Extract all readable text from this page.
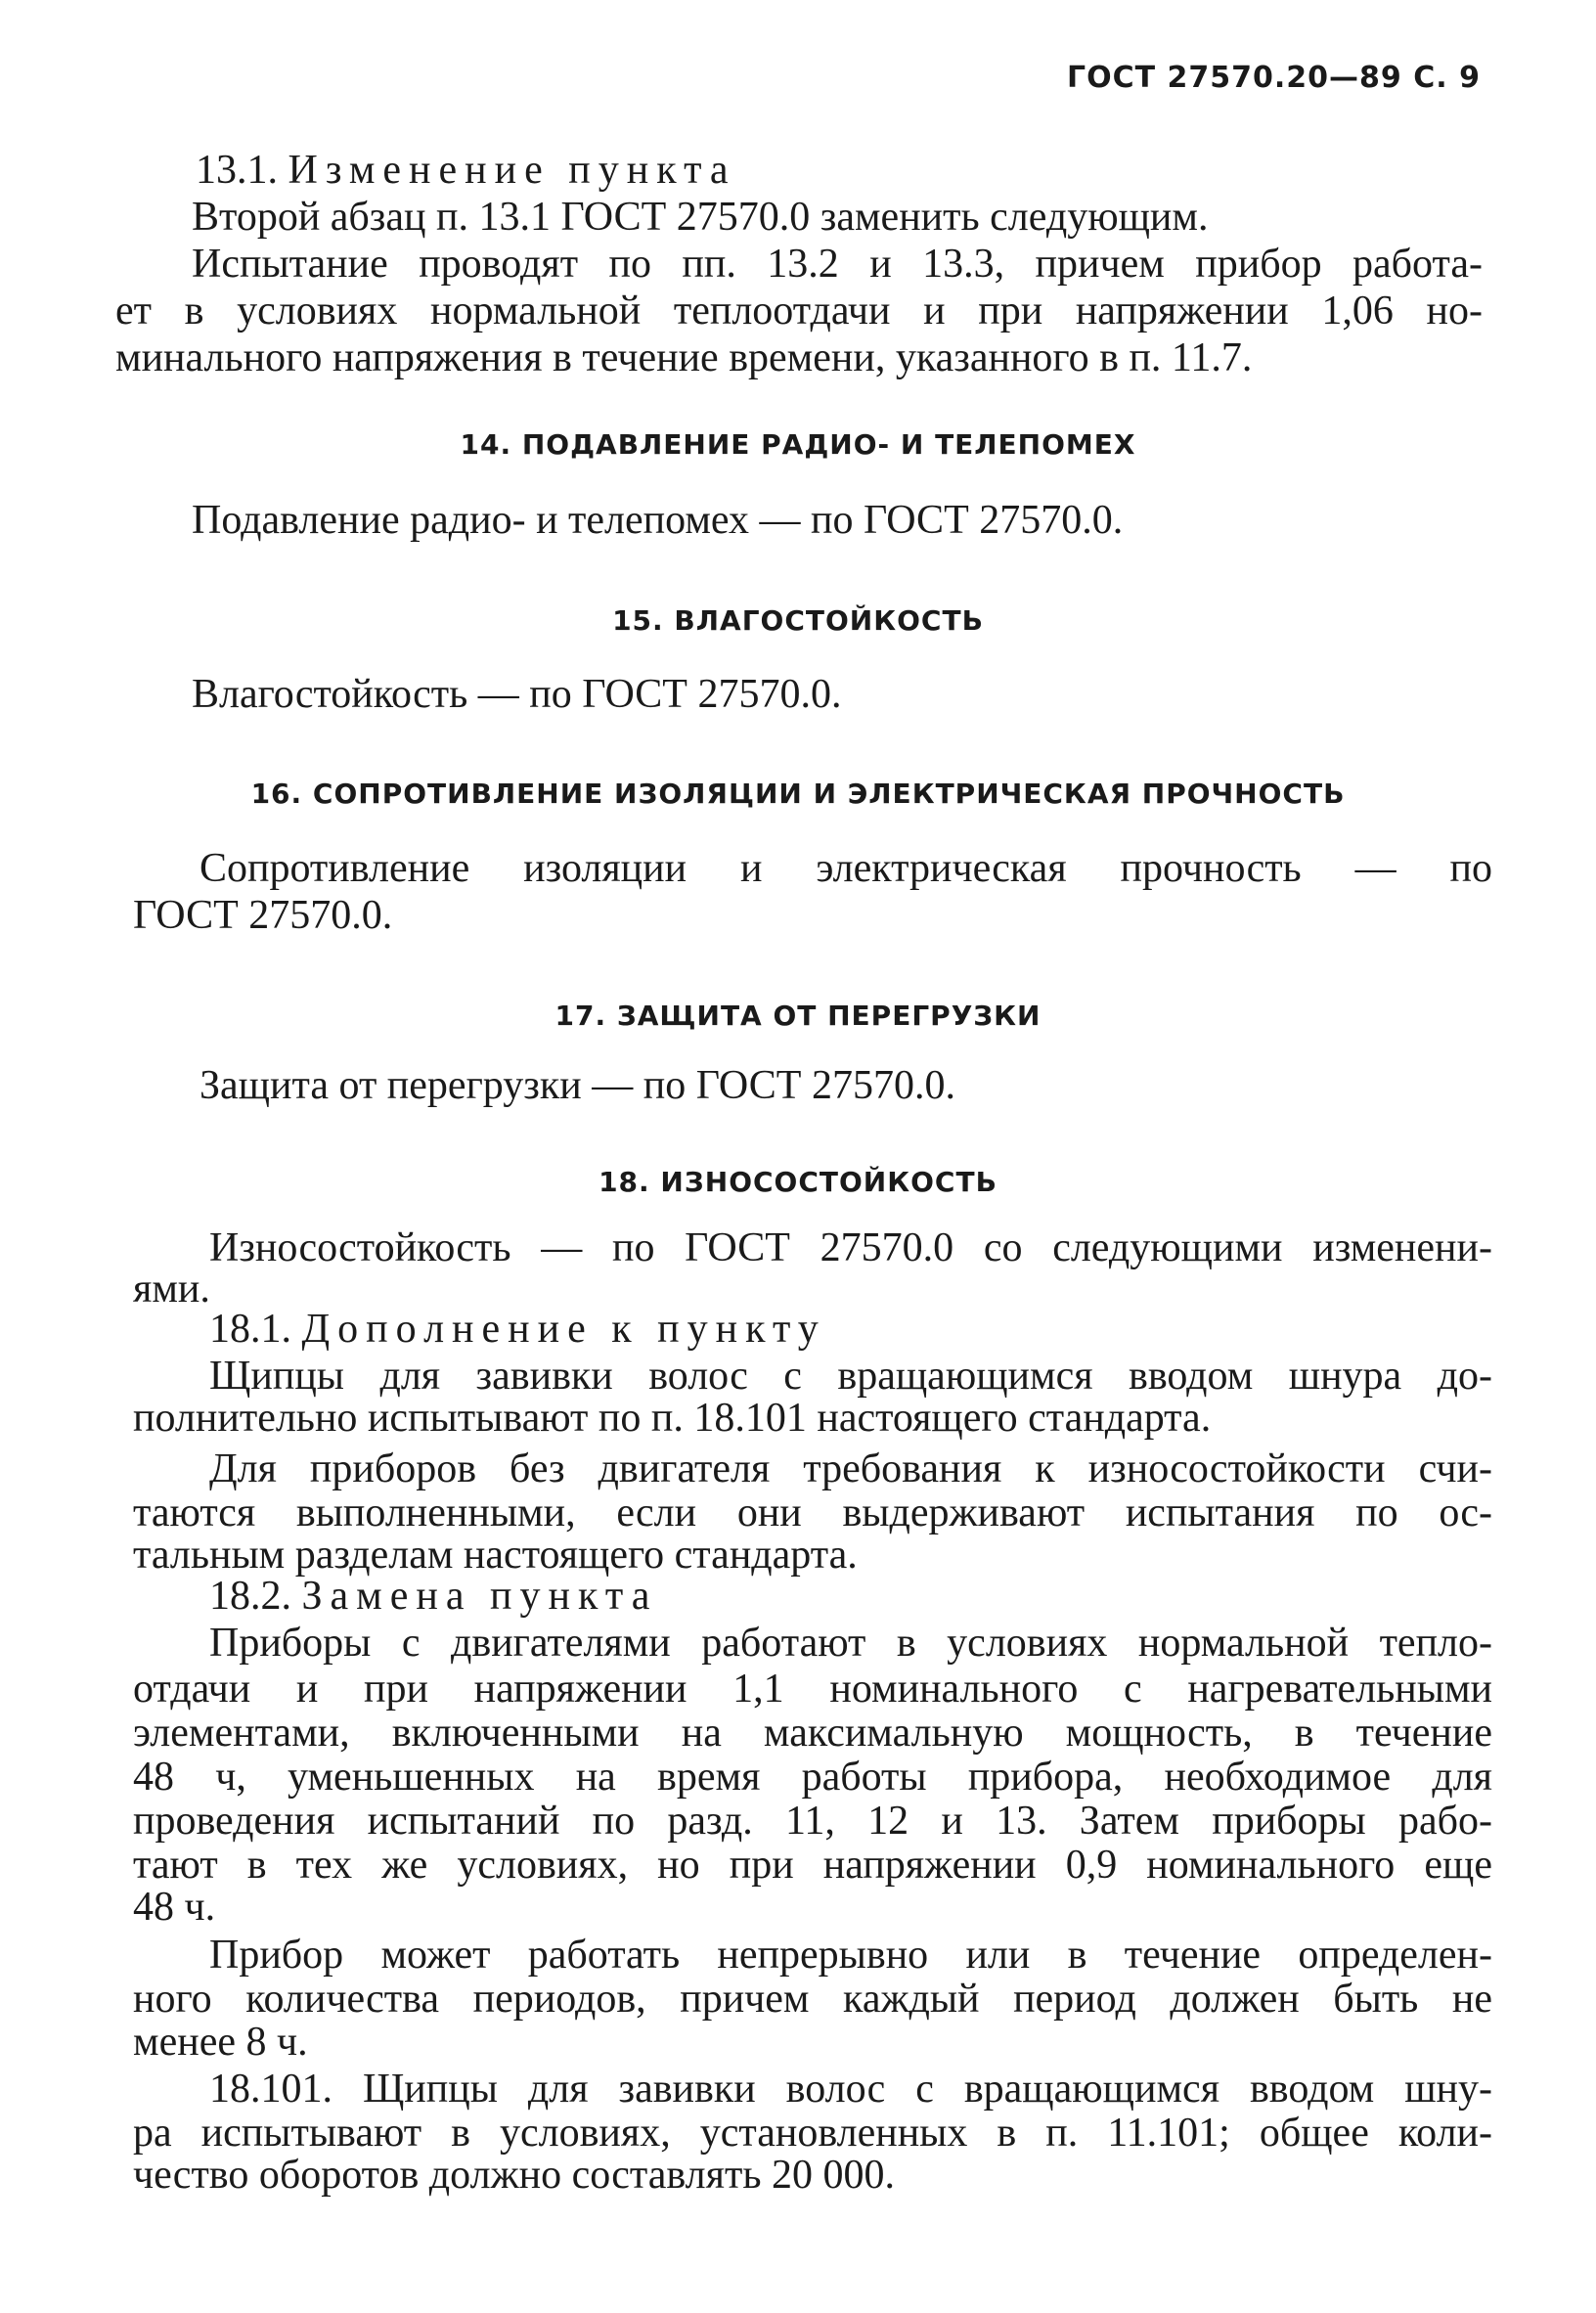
ГОСТ 27570.20—89 С. 9
13.1. Изменение пункта
Второй абзац п. 13.1 ГОСТ 27570.0 заменить следующим.
Испытание проводят по пп. 13.2 и 13.3, причем прибор работа-
ет в условиях нормальной теплоотдачи и при напряжении 1,06 но-
минального напряжения в течение времени, указанного в п. 11.7.
14. ПОДАВЛЕНИЕ РАДИО- И ТЕЛЕПОМЕХ
Подавление радио- и телепомех — по ГОСТ 27570.0.
15. ВЛАГОСТОЙКОСТЬ
Влагостойкость — по ГОСТ 27570.0.
16. СОПРОТИВЛЕНИЕ ИЗОЛЯЦИИ И ЭЛЕКТРИЧЕСКАЯ ПРОЧНОСТЬ
Сопротивление изоляции и электрическая прочность — по
ГОСТ 27570.0.
17. ЗАЩИТА ОТ ПЕРЕГРУЗКИ
Защита от перегрузки — по ГОСТ 27570.0.
18. ИЗНОСОСТОЙКОСТЬ
Износостойкость — по ГОСТ 27570.0 со следующими изменени-
ями.
18.1. Дополнение к пункту
Щипцы для завивки волос с вращающимся вводом шнура до-
полнительно испытывают по п. 18.101 настоящего стандарта.
Для приборов без двигателя требования к износостойкости счи-
таются выполненными, если они выдерживают испытания по ос-
тальным разделам настоящего стандарта.
18.2. Замена пункта
Приборы с двигателями работают в условиях нормальной тепло-
отдачи и при напряжении 1,1 номинального с нагревательными
элементами, включенными на максимальную мощность, в течение
48 ч, уменьшенных на время работы прибора, необходимое для
проведения испытаний по разд. 11, 12 и 13. Затем приборы рабо-
тают в тех же условиях, но при напряжении 0,9 номинального еще
48 ч.
Прибор может работать непрерывно или в течение определен-
ного количества периодов, причем каждый период должен быть не
менее 8 ч.
18.101. Щипцы для завивки волос с вращающимся вводом шну-
ра испытывают в условиях, установленных в п. 11.101; общее коли-
чество оборотов должно составлять 20 000.
